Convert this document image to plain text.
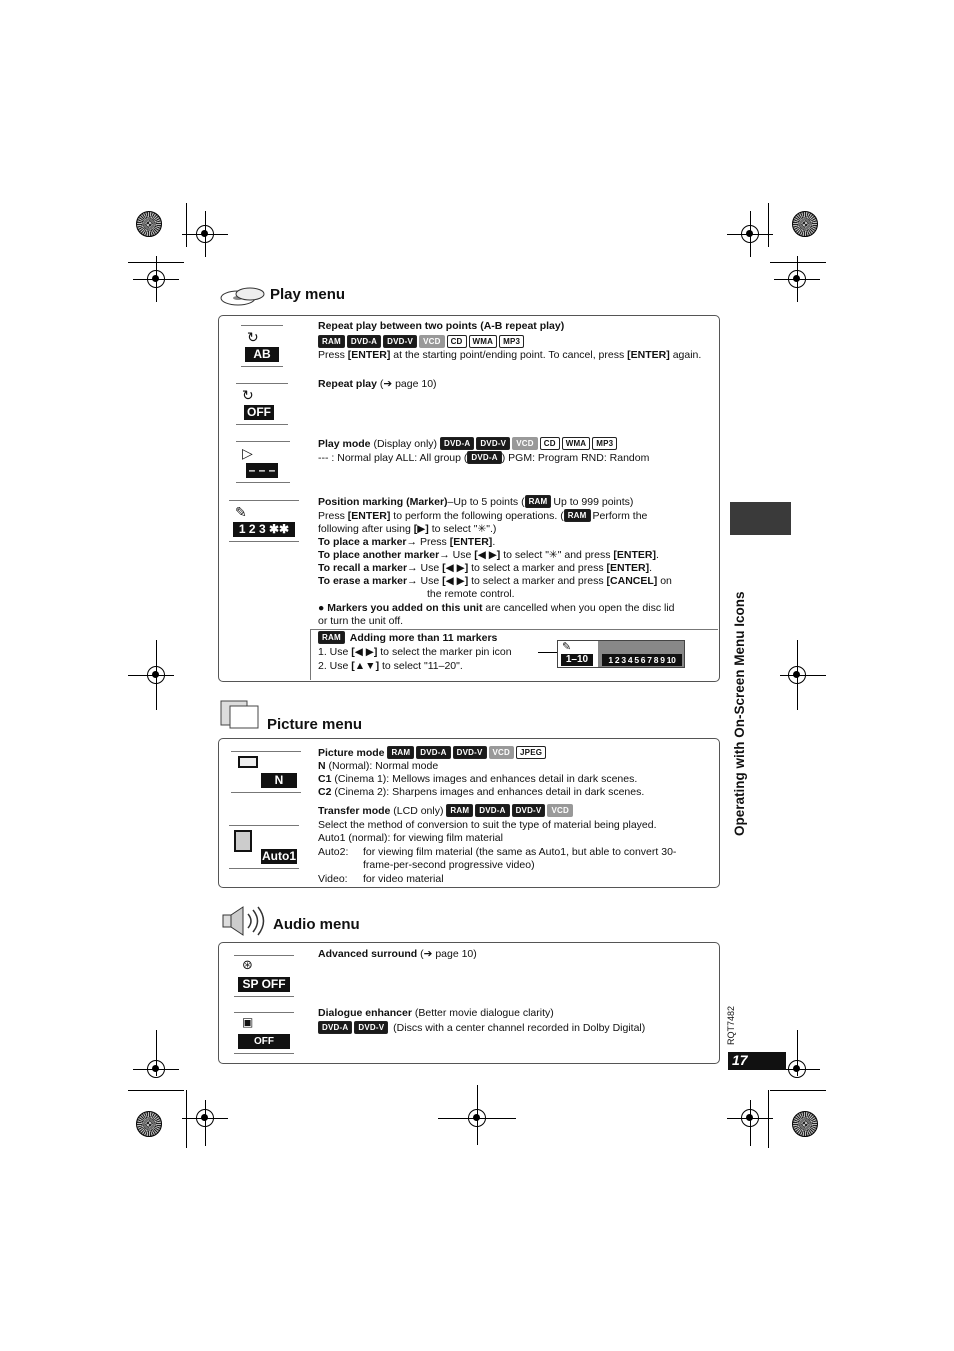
Operating with On-Screen Menu Icons
RQT7482
17
Play menu
↻
AB
↻
OFF
▷
– – –
✎
1 2 3 ✱✱
Repeat play between two points (A-B repeat play)

RAM DVD-A DVD-V VCD CD WMA MP3
Press [ENTER] at the starting point/ending point. To cancel, press [ENTER] again.
Repeat play (➔ page 10)
Play mode (Display only) DVD-A DVD-V VCD CD WMA MP3
--- : Normal play ALL: All group ( DVD-A ) PGM: Program RND: Random
Position marking (Marker)–Up to 5 points ( RAM Up to 999 points)
Press [ENTER] to perform the following operations. ( RAM Perform the
following after using [▶] to select "✳".)
To place a marker→ Press [ENTER].
To place another marker→ Use [◀ ▶] to select "✳" and press [ENTER].
To recall a marker→ Use [◀ ▶] to select a marker and press [ENTER].
To erase a marker→ Use [◀ ▶] to select a marker and press [CANCEL] on
the remote control.

● Markers you added on this unit are cancelled when you open the disc lid
or turn the unit off.
RAM Adding more than 11 markers
1. Use [◀ ▶] to select the marker pin icon
2. Use [▲▼] to select "11–20".
✎
1–10	1 2 3 4 5 6 7 8 9 10
Picture menu
N
Auto1
Picture mode RAM DVD-A DVD-V VCD JPEG
N (Normal): Normal mode
C1 (Cinema 1): Mellows images and enhances detail in dark scenes.
C2 (Cinema 2): Sharpens images and enhances detail in dark scenes.
Transfer mode (LCD only) RAM DVD-A DVD-V VCD
Select the method of conversion to suit the type of material being played.
Auto1 (normal): for viewing film material
Auto2: for viewing film material (the same as Auto1, but able to convert 30-
frame-per-second progressive video)
Video: for video material
Audio menu
⊛
SP OFF
▣
OFF
Advanced surround (➔ page 10)
Dialogue enhancer (Better movie dialogue clarity)
DVD-A DVD-V (Discs with a center channel recorded in Dolby Digital)
